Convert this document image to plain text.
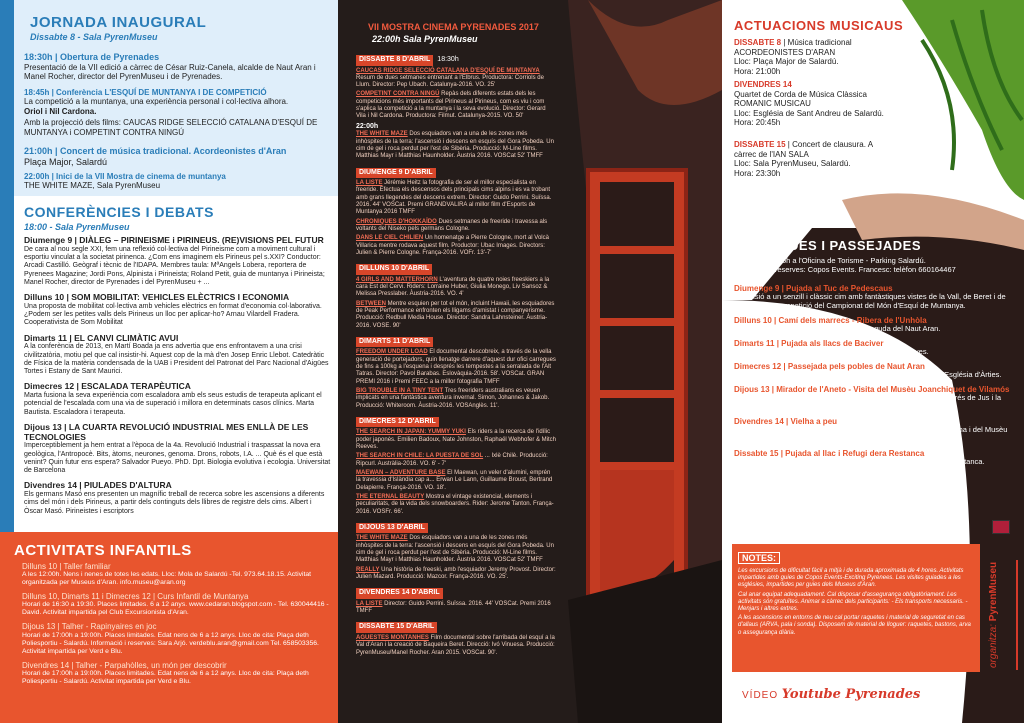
JORNADA INAUGURAL
Dissabte 8 - Sala PyrenMuseu
18:30h | Obertura de Pyrenades
Presentació de la VII edició a càrrec de César Ruiz-Canela, alcalde de Naut Aran i Manel Rocher, director del PyrenMuseu i de Pyrenades.
18:45h | Conferència L'ESQUÍ DE MUNTANYA I DE COMPETICIÓ
La competició a la muntanya, una experiència personal i col·lectiva alhora.
Oriol i Nil Cardona.
Amb la projecció dels films: CAUCAS RIDGE SELECCIÓ CATALANA D'ESQUÍ DE MUNTANYA i COMPETINT CONTRA NINGÚ
21:00h | Concert de música tradicional. Acordeonistes d'Aran
Plaça Major, Salardú
22:00h | Inici de la VII Mostra de cinema de muntanya
THE WHITE MAZE, Sala PyrenMuseu
CONFERÈNCIES I DEBATS
18:00 - Sala PyrenMuseu
Diumenge 9 | DIÀLEG – PIRINEISME i PIRINEUS. (RE)VISIONS PEL FUTUR
De cara al nou segle XXI, fem una reflexió col·lectiva del Pirineisme com a moviment cultural i esportiu vinculat a la societat pirinenca. ¿Com ens imaginem els Pirineus pel s.XXI? Conductor: Arcadi Castilló. Geògraf i tècnic de l'IDAPA. Membres taula: MªAngels Lobera, reportera de Pyrenees Magazine; Jordi Pons, Alpinista i Pirineista; Roland Petit, guia de muntanya i Pirineista; Manel Rocher, director de Pyrenades i del PyrenMuseu + ...
Dilluns 10 | SOM MOBILITAT: VEHICLES ELÈCTRICS I ECONOMIA
Una proposta de mobilitat col·lectiva amb vehicles elèctrics en format d'economia col·laborativa. ¿Podem ser les petites valls dels Pirineus un lloc per aplicar-ho? Arnau Vilardell Fradera. Cooperativista de Som Mobilitat
Dimarts 11 | EL CANVI CLIMÀTIC AVUI
A la conferència de 2013, en Martí Boada ja ens advertia que ens enfrontavem a una crisi civilitzatòria, motiu pel que cal insistir-hi. Aquest cop de la mà d'en Josep Enric Llebot. Catedràtic de Física de la matèria condensada de la UAB i President del Patronat del Parc Nacional d'Aigües Tortes i Estany de Sant Maurici.
Dimecres 12 | ESCALADA TERAPÈUTICA
Marta fusiona la seva experiència com escaladora amb els seus estudis de terapeuta aplicant el potencial de l'escalada com una via de superació i millora en determinats casos clínics. Marta Bautista. Escaladora i terapeuta.
Dijous 13 | LA CUARTA REVOLUCIÓ INDUSTRIAL MES ENLLÀ DE LES TECNOLOGIES
Imperceptiblement ja hem entrat a l'època de la 4a. Revolució Industrial i traspassat la nova era geològica, l'Antropocè. Bits, àtoms, neurones, genoma. Drons, robots, I.A. ... Què és el que està venint? Quin futur ens espera? Salvador Pueyo. PhD. Dpt. Biologia evolutiva i ecologia. Universitat de Barcelona
Divendres 14 | PIULADES D'ALTURA
Els germans Masó ens presenten un magnífic treball de recerca sobre les ascensions a diferents cims del món i dels Pirineus, a partir dels continguts dels llibres de registre dels cims. Albert i Òscar Masó. Pirineistes i escriptors
ACTIVITATS INFANTILS
Dilluns 10 | Taller familiar
A les 12:00h. Nens i nenes de totes les edats. Lloc: Mola de Salardú -Tel. 973.64.18.15. Activitat organitzada per Museus d'Aran. info.museu@aran.org
Dilluns 10, Dimarts 11 i Dimecres 12 | Curs Infantil de Muntanya
Horari de 16:30 a 19:30. Places limitades. 6 a 12 anys. www.cedaran.blogspot.com - Tel. 630044416 - David. Activitat impartida pel Club Excursionista d'Aran.
Dijous 13 | Talher - Rapinyaires en joc
Horari de 17:00h a 19:00h. Places limitades. Edat nens de 6 a 12 anys. Lloc de cita: Plaça deth Poliesportiu - Salardú. Informació i reserves: Sara Arjó. verdeblu.aran@gmail.com Tel. 658503356. Activitat impartida per Verd e Blu.
Divendres 14 | Talher - Parpahòlles, un món per descobrir
Horari de 17:00h a 19:00h. Places limitades. Edat nens de 6 a 12 anys. Lloc de cita: Plaça deth Poliesportiu - Salardú. Activitat impartida per Verd e Blu.
VII MOSTRA CINEMA PYRENADES 2017
22:00h Sala PyrenMuseu
DISSABTE 8 D'ABRIL 18:30h
CAUCAS RIDGE SELECCIÓ CATALANA D'ESQUÍ DE MUNTANYA Resum de dues setmanes entrenant a l'Elbrus. Productora: Corriols de Llum. Director: Pep Ubach. Catalunya-2016. VO. 25'
COMPETINT CONTRA NINGÚ Repàs dels diferents estats dels les competicions més importants del Pirineus al Pirineus, com es viu i com s'aplica la competició a la muntanya i la seva evolució. Director: Gerard Vila i Nil Cardona. Productora: Filmut. Catalunya-2015. VO. 50'
22:00h
THE WHITE MAZE Dos esquiadors van a una de les zones més inhòspites de la terra: l'ascensió i descens en esquís del Gora Pobeda. Un cim de gel i roca perdut per l'est de Sibèria. Producció: M-Line films. Matthias Mayr i Matthias Haunholder. Àustria 2016. VOSCat 52' TMFF
DIUMENGE 9 D'ABRIL
LA LISTE Jérémie Heitz la fotografia de ser el millor especialista en freeride. Efectua els descensos dels principals cims alpins i es va trobant amb grans llegendes del descens extrem. Director: Guido Perrini. Suïssa. 2016. 44' VOSCat. Premi GRANDVALIRA al millor film d'Esports de Muntanya 2016 TMFF
CHRONIQUES D'HOKKAÏDO Dues setmanes de freeride i travessa als voltants del Niseko pels germans Cologne.
DANS LE CIEL CHILIEN Un homenatge a Pierre Cologne, mort al Volcà Villarica mentre rodava aquest film. Productor: Ubac Images. Directors: Julien & Pierre Cologne. França-2016. VOFr. 13'-7'
DILLUNS 10 D'ABRIL
4 GIRLS AND MATTERHORN L'aventura de quatre noies freeskiers a la cara Est del Cervi. Riders: Lorraine Huber, Giulia Monego, Liv Sansoz & Melissa Presslaber. Àustria-2016. VO. 4'
BETWEEN Mentre esquien per tot el món, incluint Hawaii, les esquiadores de Peak Performance enfronten els lligams d'amistat i companyerisme. Producció: Redbull Media House. Director: Sandra Lahnsteiner. Àustria-2016. VOSE. 90'
DIMARTS 11 D'ABRIL
FREEDOM UNDER LOAD El documental descobreix, a través de la vella generació de portejadors, quin llenatge darrere d'aquest dur ofici carregues de fins a 100kg a l'esquena i després les tempestes a la serralada de l'Alt Tatras. Director: Pavol Barabas. Eslovàquia-2016. 58'. VOSCat. GRAN PREMI 2016 i Premi FEEC a la millor fotografia TMFF
BIG TROUBLE IN A TINY TENT Tres freeriders australians es veuen implicats en una fantàstica aventura invernal. Simon, Johannes & Jakob. Producció: Whiteroom. Àustria-2016. VOSAnglès. 11'.
DIMECRES 12 D'ABRIL
THE SEARCH IN JAPAN: YUMMY YUKI Els riders a la recerca de l'idílic poder japonès. Emilien Badoux, Nate Johnston, Raphaël Webhofer & Mitch Reeves.
THE SEARCH IN CHILE: LA PUESTA DE SOL ... Ixlè Chilè. Producció: Ripcurl. Austràlia-2016. VO. 6' - 7'
MAEWAN – ADVENTURE BASE El Maewan, un veler d'alumini, emprén la travessia d'Islàndia cap a... Erwan Le Lann, Guillaume Broust, Bertrand Delapierre. França-2016. VO. 18'.
THE ETERNAL BEAUTY Mostra el vintage existencial, elements i peculiaritats, de la vida dels snowboarders. Rider: Jerome Tanton. França-2016. VOSFr. 66'.
DIJOUS 13 D'ABRIL
THE WHITE MAZE Dos esquiadors van a una de les zones més inhòspites de la terra: l'ascensió i descens en esquís del Gora Pobeda. Un cim de gel i roca perdut per l'est de Sibèria. Producció: M-Line films. Matthias Mayr i Matthias Haunholder. Àustria 2016. VOSCat 52' TMFF
REALLY Una història de freeski, amb l'esquiador Jeremy Provost. Director: Julien Mazard. Producció: Mazcor. França-2016. VO. 25'.
DIVENDRES 14 D'ABRIL
LA LISTE Director: Guido Perrini. Suïssa. 2016. 44' VOSCat. Premi 2016 TMFF
DISSABTE 15 D'ABRIL
AGUESTES MONTANHES Film documental sobre l'arribada del esquí a la Val d'Aran i la creació de Baqueira Beret. Direcció: Ivó Vinuesa. Producció: PyrenMuseu/Manel Rocher. Aran 2015. VOSCat. 90'.
ACTUACIONS MUSICAUS
DISSABTE 8 | Música tradicional ACORDEONISTES D'ARAN
Lloc: Plaça Major de Salardú.
Hora: 21:00h
DIVENDRES 14
Quartet de Corda de Música Clàssica ROMANIC MUSICAU
Lloc: Església de Sant Andreu de Salardú.
Hora: 20:45h
DISSABTE 15 | Concert de clausura. A càrrec de l'IAN SALA
Lloc: Sala PyrenMuseu, Salardú.
Hora: 23:30h
CAMINADES I PASSEJADES
Cita a les 08:45h a l'Oficina de Torisme - Parking Salardú.
Informació i reserves: Copos Events. Francesc: telèfon 660164467
Diumenge 9 | Pujada al Tuc de Pedescaus
Ascensió a un senzill i clàssic cim amb fantàstiques vistes de la Vall, de Beret i de l'ambient de competició del Campionat del Món d'Esquí de Muntanya.
Dilluns 10 | Camí dels marrecs - Ribera de l'Unhòla
Passejada per una vall salvatge i desconeguda del Naut Aran.
Dimarts 11 | Pujada als llacs de Baciver
Bonic itinerari entre boscos i llacs envoltats de muntanyes.
Dimecres 12 | Passejada pels pobles de Naut Aran
Salardú - Unha - Bagergue - Gessa - Tredòs. Visita guiada de l'Església d'Àrties.
Dijous 13 | Mirador de l'Aneto - Visita del Musèu Joanchiquet de Vilamós
Preciosa excursió pels camins relaus de Vilamós, Arrés de Sus, Arrés de Jus i la bassa d'Arres. Cita 09:30h Plaça de Vilamós.
Divendres 14 | Vielha a peu
Excursió a Vielha seguint el camin relau i visita de l'Església de Vielha i del Musèu dera Val d'Aran.
Dissabte 15 | Pujada al llac i Refugi dera Restanca
Ruta en un entorn d'alta muntanya amb final a l'esplèndid llac de Restanca.
NOTES:
Les excursions de dificultat fàcil a mitjà i de durada aproximada de 4 hores. Activitats impartides amb guies de Copos Events-Exciting Pyrenees. Les visites guiades a les esglésies, impartides per guies dels Museus d'Aran.
Cal anar equipat adequadament. Cal disposar d'assegurança obligatòriament. Les activitats són gratuïtes. Animar a càrrec dels participants: - Els transports necessaris. - Menjars i altres extres.
A les ascensions en entorns de neu cal portar raquetes i material de seguretat en cas d'allaus (ARVA, pala i sonda). Disposem de material de lloguer: raquetes, bastons, arva o assegurança diària.	organitza: PyrenMuseu
VÍDEO Youtube Pyrenades
